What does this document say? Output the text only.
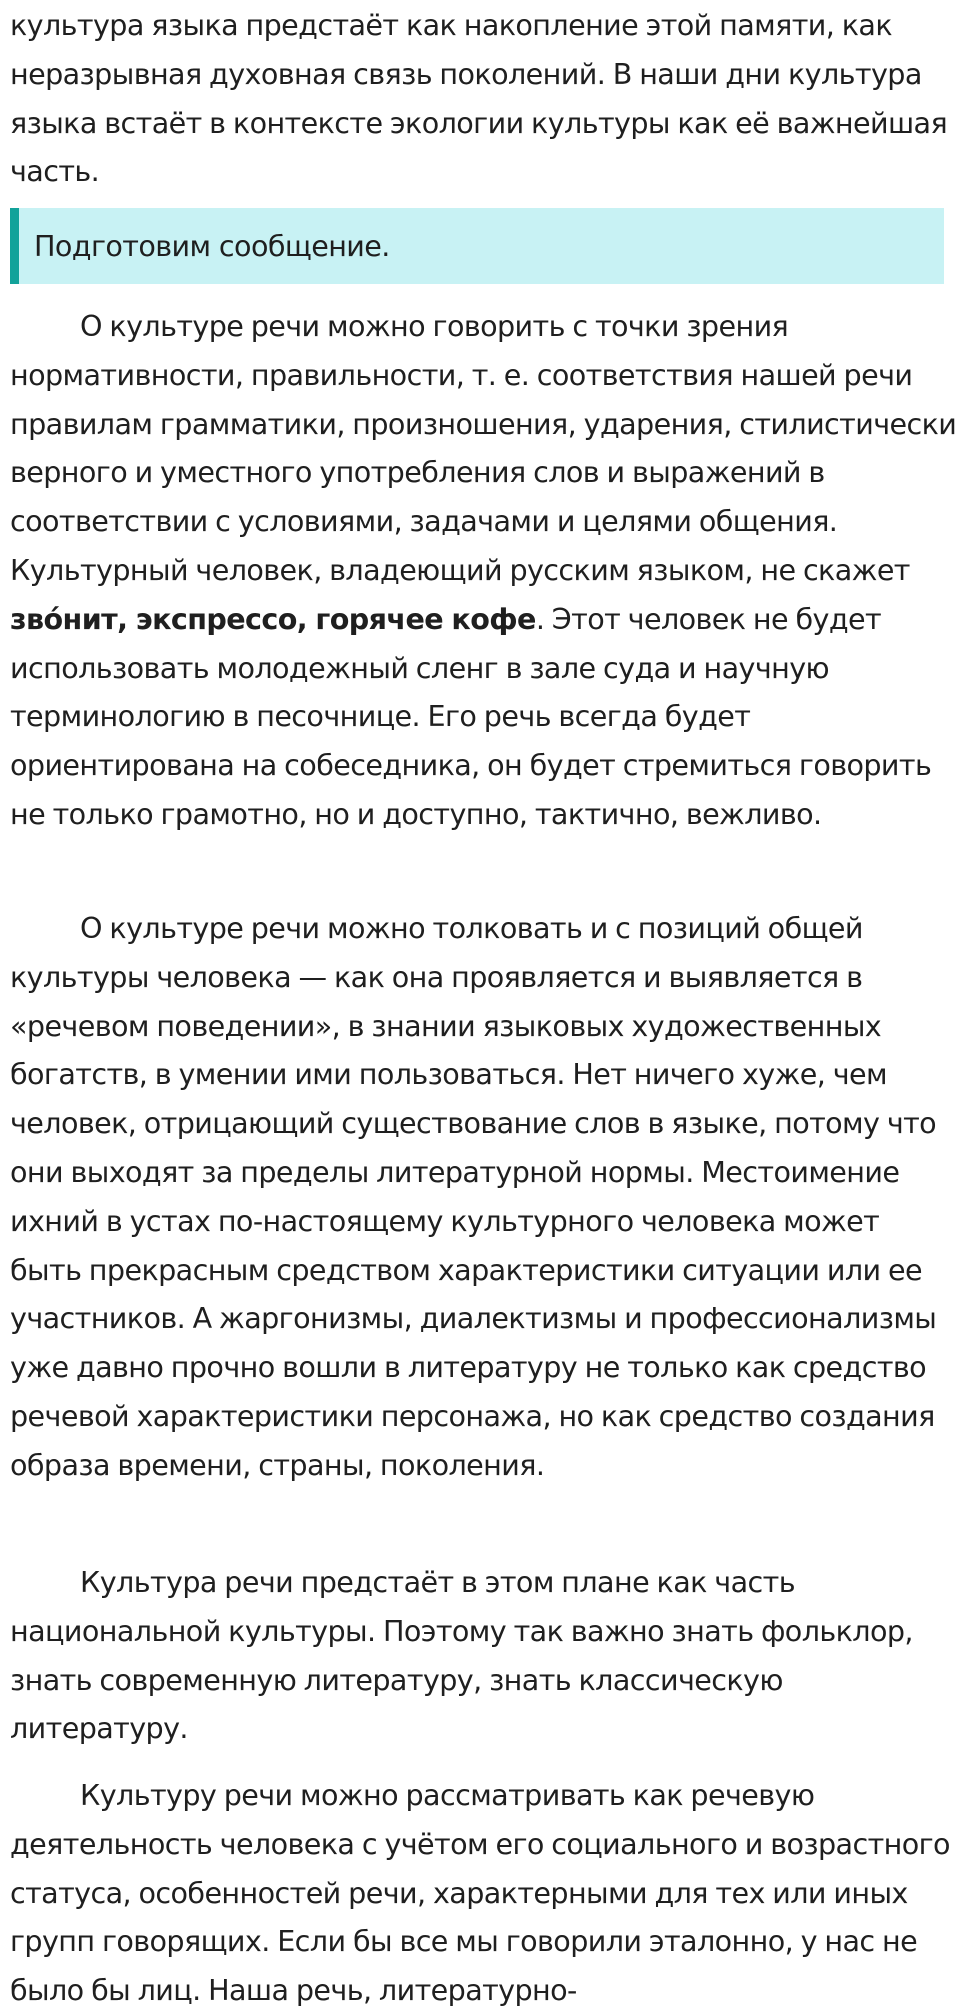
культура языка предстаёт как накопление этой памяти, как неразрывная духовная связь поколений. В наши дни культура языка встаёт в контексте экологии культуры как её важнейшая часть.

Подготовим сообщение.

О культуре речи можно говорить с точки зрения нормативности, правильности, т. е. соответствия нашей речи правилам грамматики, произношения, ударения, стилистически верного и уместного употребления слов и выражений в соответствии с условиями, задачами и целями общения. Культурный человек, владеющий русским языком, не скажет зво́нит, экспрессо, горячее кофе. Этот человек не будет использовать молодежный сленг в зале суда и научную терминологию в песочнице. Его речь всегда будет ориентирована на собеседника, он будет стремиться говорить не только грамотно, но и доступно, тактично, вежливо.

О культуре речи можно толковать и с позиций общей культуры человека — как она проявляется и выявляется в «речевом поведении», в знании языковых художественных богатств, в умении ими пользоваться. Нет ничего хуже, чем человек, отрицающий существование слов в языке, потому что они выходят за пределы литературной нормы. Местоимение ихний в устах по-настоящему культурного человека может быть прекрасным средством характеристики ситуации или ее участников. А жаргонизмы, диалектизмы и профессионализмы уже давно прочно вошли в литературу не только как средство речевой характеристики персонажа, но как средство создания образа времени, страны, поколения.

Культура речи предстаёт в этом плане как часть национальной культуры. Поэтому так важно знать фольклор, знать современную литературу, знать классическую литературу.

Культуру речи можно рассматривать как речевую деятельность человека с учётом его социального и возрастного статуса, особенностей речи, характерными для тех или иных групп говорящих. Если бы все мы говорили эталонно, у нас не было бы лиц. Наша речь, литературно-
